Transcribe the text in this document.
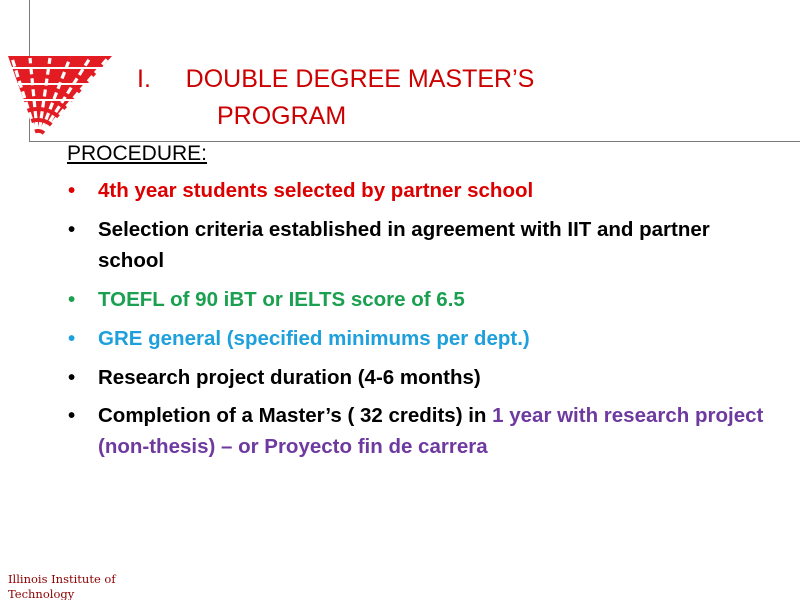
I. DOUBLE DEGREE MASTER’S
PROGRAM
PROCEDURE:
• 4th year students selected by partner school
• Selection criteria established in agreement with IIT and partner school
• TOEFL of 90 iBT or IELTS score of 6.5
• GRE general (specified minimums per dept.)
• Research project duration (4-6 months)
• Completion of a Master’s ( 32 credits) in 1 year with research project (non-thesis) – or Proyecto fin de carrera
Illinois Institute of Technology
